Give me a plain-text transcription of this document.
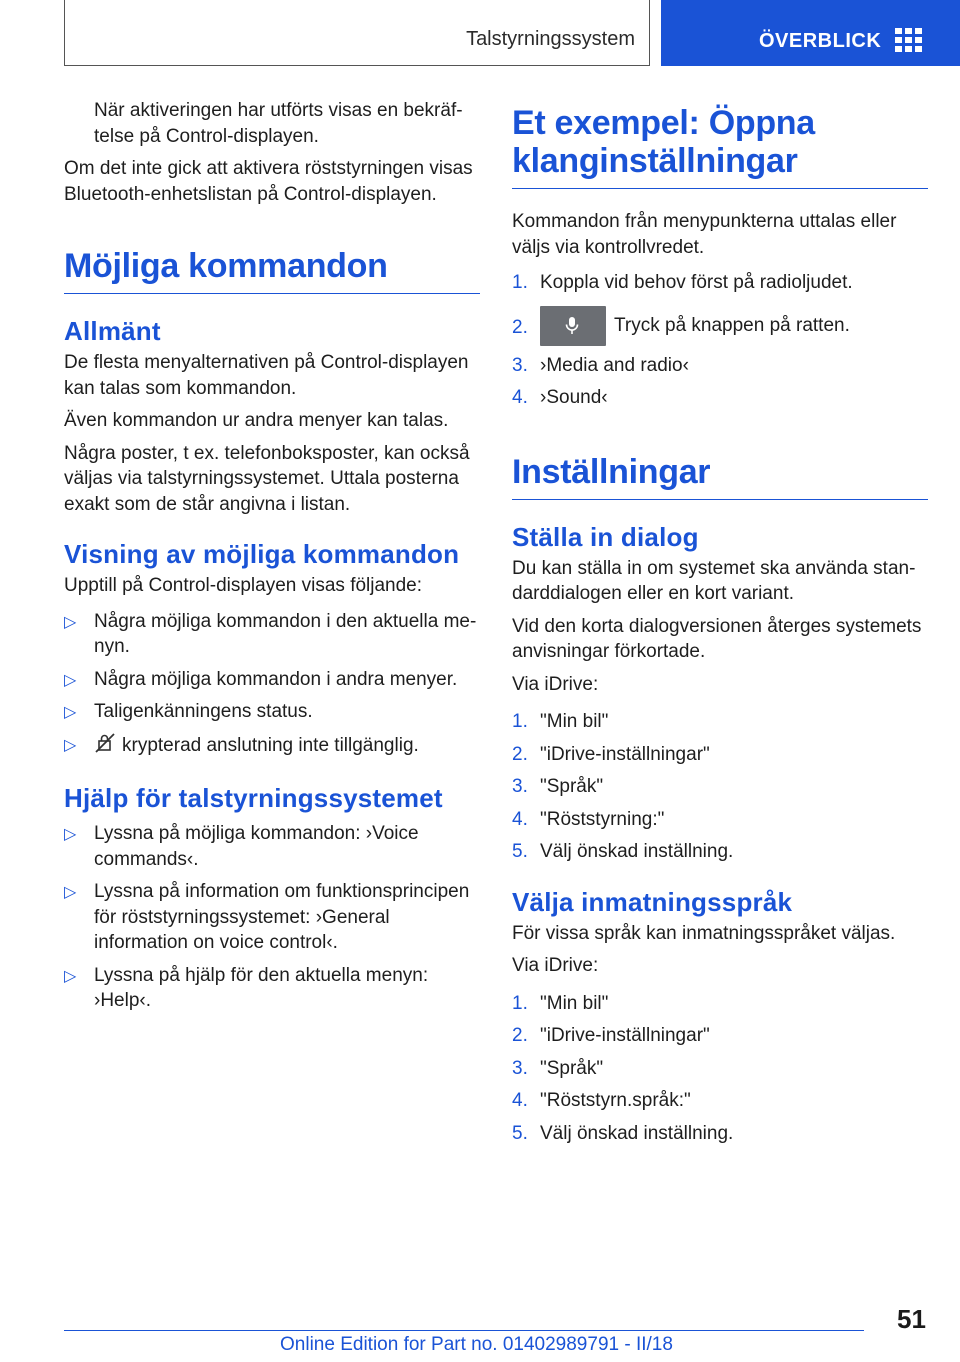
Talstyrningssystem	ÖVERBLICK

När aktiveringen har utförts visas en bekräf-telse på Control-displayen.

Om det inte gick att aktivera röststyrningen visas Bluetooth-enhetslistan på Control-displayen.

Möjliga kommandon
Allmänt

De flesta menyalternativen på Control-displayen kan talas som kommandon.

Även kommandon ur andra menyer kan talas.

Några poster, t ex. telefonboksposter, kan också väljas via talstyrningssystemet. Uttala posterna exakt som de står angivna i listan.

Visning av möjliga kommandon

Upptill på Control-displayen visas följande:

▷ Några möjliga kommandon i den aktuella me-nyn.
▷ Några möjliga kommandon i andra menyer.
▷ Taligenkänningens status.
▷ krypterad anslutning inte tillgänglig.
Hjälp för talstyrningssystemet
▷ Lyssna på möjliga kommandon: ›Voice commands‹.
▷ Lyssna på information om funktionsprincipen för röststyrningssystemet: ›General information on voice control‹.
▷ Lyssna på hjälp för den aktuella menyn: ›Help‹.
Et exempel: Öppna klanginställningar

Kommandon från menypunkterna uttalas eller väljs via kontrollvredet.

1. Koppla vid behov först på radioljudet.
2.	Tryck på knappen på ratten.
3. ›Media and radio‹
4. ›Sound‹
Inställningar
Ställa in dialog

Du kan ställa in om systemet ska använda stan-darddialogen eller en kort variant.

Vid den korta dialogversionen återges systemets anvisningar förkortade.

Via iDrive:

1. "Min bil"
2. "iDrive-inställningar"
3. "Språk"
4. "Röststyrning:"
5. Välj önskad inställning.
Välja inmatningsspråk

För vissa språk kan inmatningsspråket väljas.

Via iDrive:

1. "Min bil"
2. "iDrive-inställningar"
3. "Språk"
4. "Röststyrn.språk:"
5. Välj önskad inställning.
51
Online Edition for Part no. 01402989791 - II/18
